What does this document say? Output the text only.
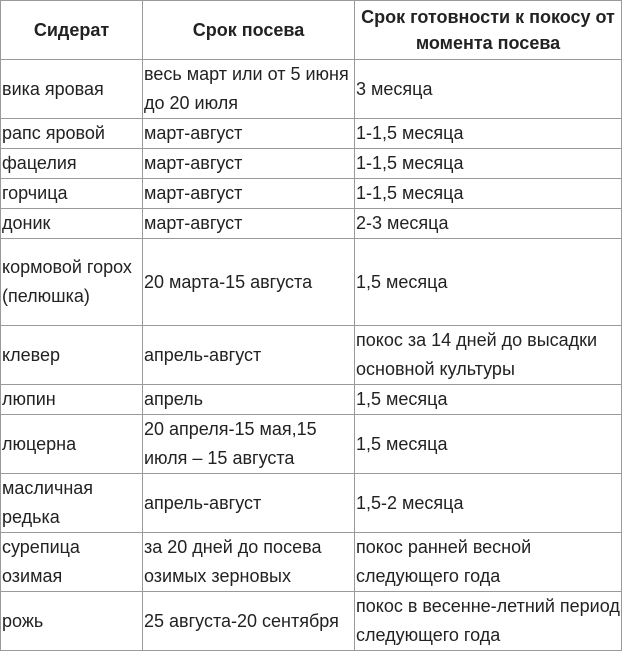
Сидерат	Срок посева	Срок готовности к покосу от момента посева
вика яровая	весь март или от 5 июня до 20 июля	3 месяца
рапс яровой	март-август	1-1,5 месяца
фацелия	март-август	1-1,5 месяца
горчица	март-август	1-1,5 месяца
доник	март-август	2-3 месяца
кормовой горох (пелюшка)	20 марта-15 августа	1,5 месяца
клевер	апрель-август	покос за 14 дней до высадки основной культуры
люпин	апрель	1,5 месяца
люцерна	20 апреля-15 мая,15 июля – 15 августа	1,5 месяца
масличная редька	апрель-август	1,5-2 месяца
сурепица озимая	за 20 дней до посева озимых зерновых	покос ранней весной следующего года
рожь	25 августа-20 сентября	покос в весенне-летний период следующего года
